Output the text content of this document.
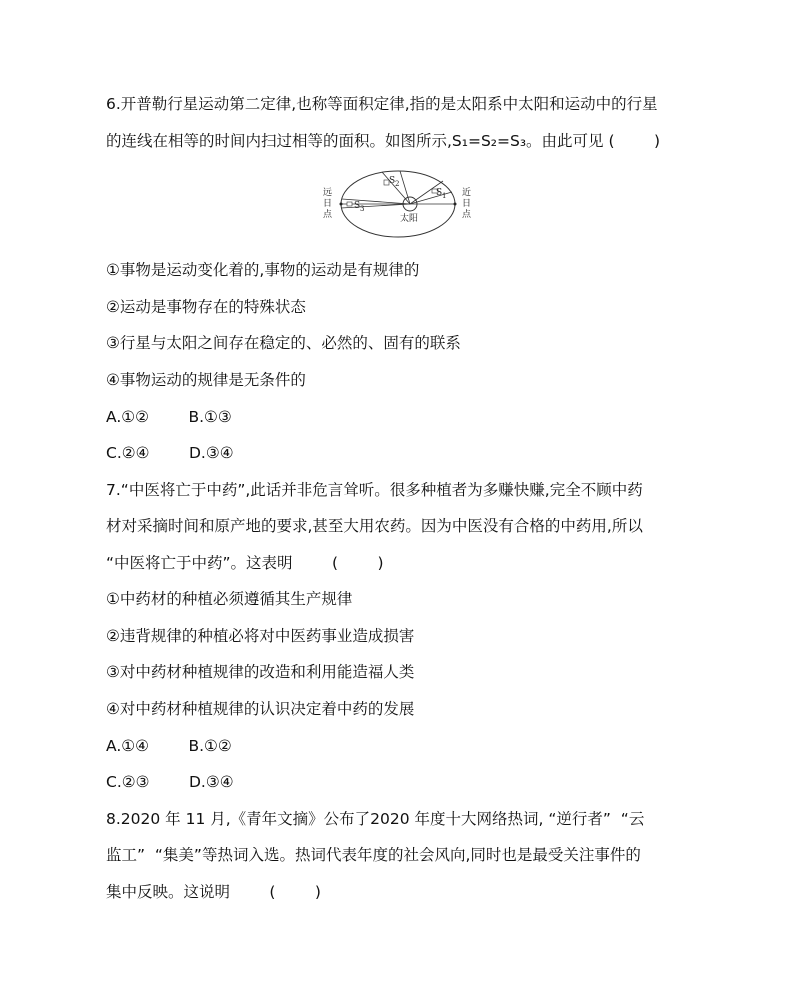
6.开普勒行星运动第二定律,也称等面积定律,指的是太阳系中太阳和运动中的行星
的连线在相等的时间内扫过相等的面积。如图所示,S₁=S₂=S₃。由此可见 (        )
S 1
S 2
S 3
太阳
远
日
点
近
日
点
①事物是运动变化着的,事物的运动是有规律的
②运动是事物存在的特殊状态
③行星与太阳之间存在稳定的、必然的、固有的联系
④事物运动的规律是无条件的
A.①②        B.①③
C.②④        D.③④
7.“中医将亡于中药”,此话并非危言耸听。很多种植者为多赚快赚,完全不顾中药
材对采摘时间和原产地的要求,甚至大用农药。因为中医没有合格的中药用,所以
“中医将亡于中药”。这表明        (        )
①中药材的种植必须遵循其生产规律
②违背规律的种植必将对中医药事业造成损害
③对中药材种植规律的改造和利用能造福人类
④对中药材种植规律的认识决定着中药的发展
A.①④        B.①②
C.②③        D.③④
8.2020 年 11 月,《青年文摘》公布了2020 年度十大网络热词, “逆行者”  “云
监工”  “集美”等热词入选。热词代表年度的社会风向,同时也是最受关注事件的
集中反映。这说明        (        )
